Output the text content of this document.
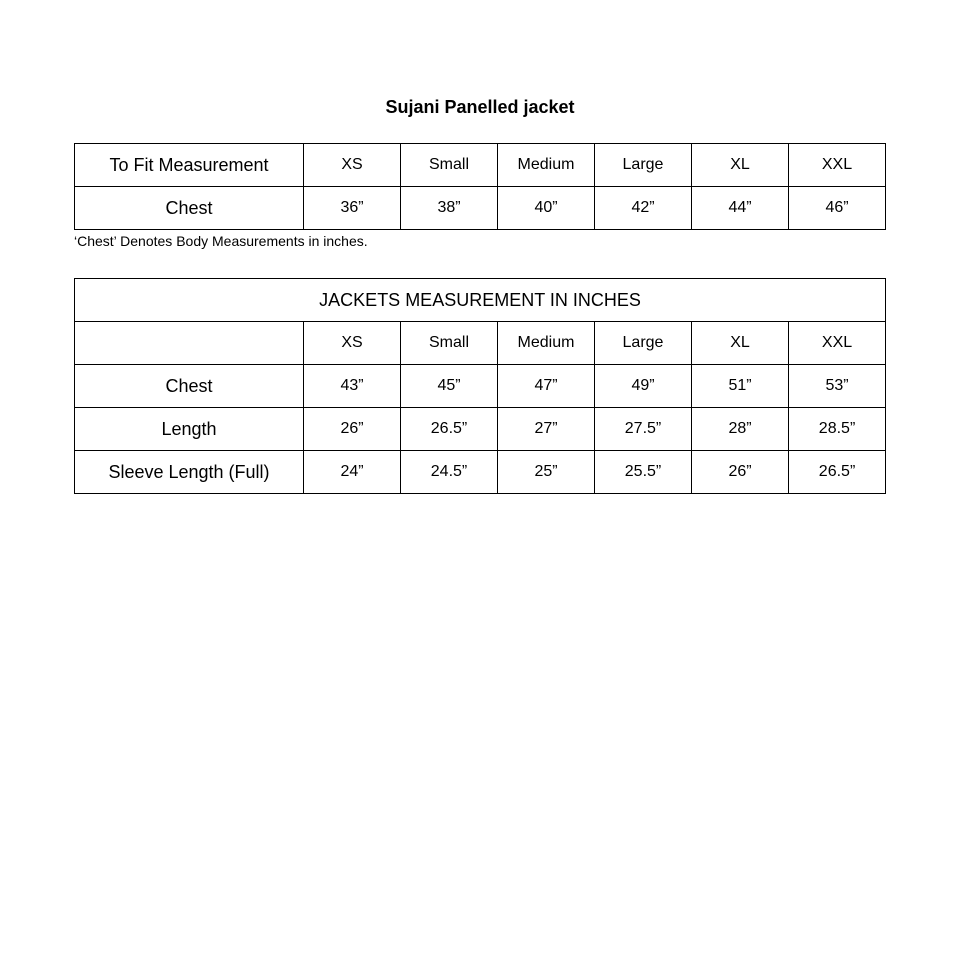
Sujani Panelled jacket
To Fit Measurement	XS	Small	Medium	Large	XL	XXL
Chest	36”	38”	40”	42”	44”	46”
‘Chest’ Denotes Body Measurements in inches.
JACKETS MEASUREMENT IN INCHES						
	XS	Small	Medium	Large	XL	XXL
Chest	43”	45”	47”	49”	51”	53”
Length	26”	26.5”	27”	27.5”	28”	28.5”
Sleeve Length (Full)	24”	24.5”	25”	25.5”	26”	26.5”
